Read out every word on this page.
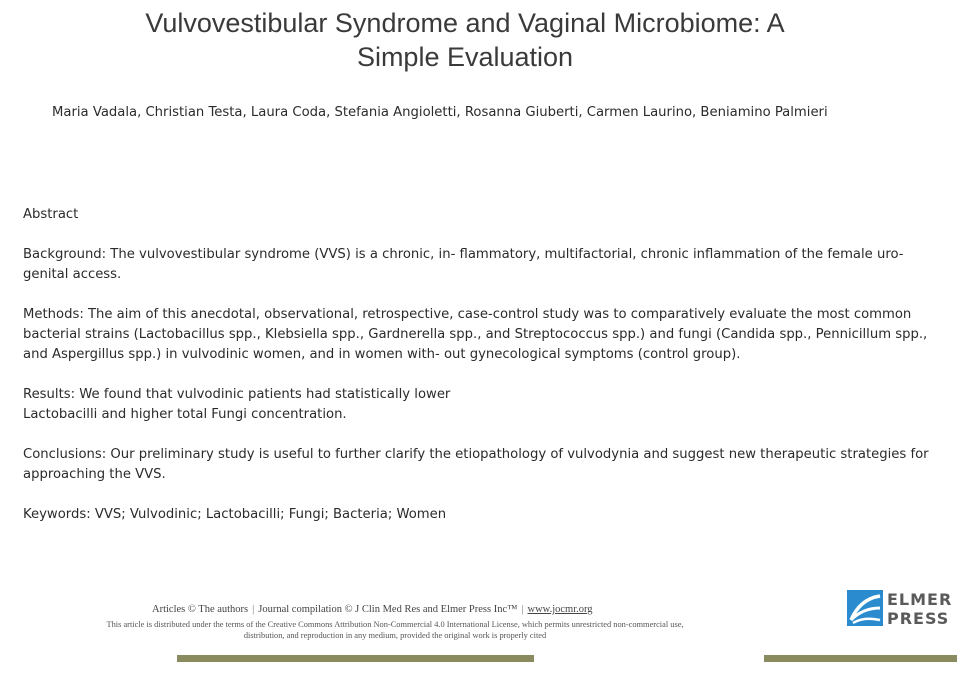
Vulvovestibular Syndrome and Vaginal Microbiome: A
Simple Evaluation
Maria Vadala, Christian Testa, Laura Coda, Stefania Angioletti, Rosanna Giuberti, Carmen Laurino, Beniamino Palmieri
Abstract
Background: The vulvovestibular syndrome (VVS) is a chronic, in- flammatory, multifactorial, chronic inflammation of the female uro- genital access.
Methods: The aim of this anecdotal, observational, retrospective, case-control study was to comparatively evaluate the most common bacterial strains (Lactobacillus spp., Klebsiella spp., Gardnerella spp., and Streptococcus spp.) and fungi (Candida spp., Pennicillum spp., and Aspergillus spp.) in vulvodinic women, and in women with- out gynecological symptoms (control group).
Results: We found that vulvodinic patients had statistically lower
Lactobacilli and higher total Fungi concentration.
Conclusions: Our preliminary study is useful to further clarify the etiopathology of vulvodynia and suggest new therapeutic strategies for approaching the VVS.
Keywords: VVS; Vulvodinic; Lactobacilli; Fungi; Bacteria; Women
Articles © The authors | Journal compilation © J Clin Med Res and Elmer Press Inc™ | www.jocmr.org
This article is distributed under the terms of the Creative Commons Attribution Non-Commercial 4.0 International License, which permits unrestricted non-commercial use,
distribution, and reproduction in any medium, provided the original work is properly cited
ELMER
PRESS
